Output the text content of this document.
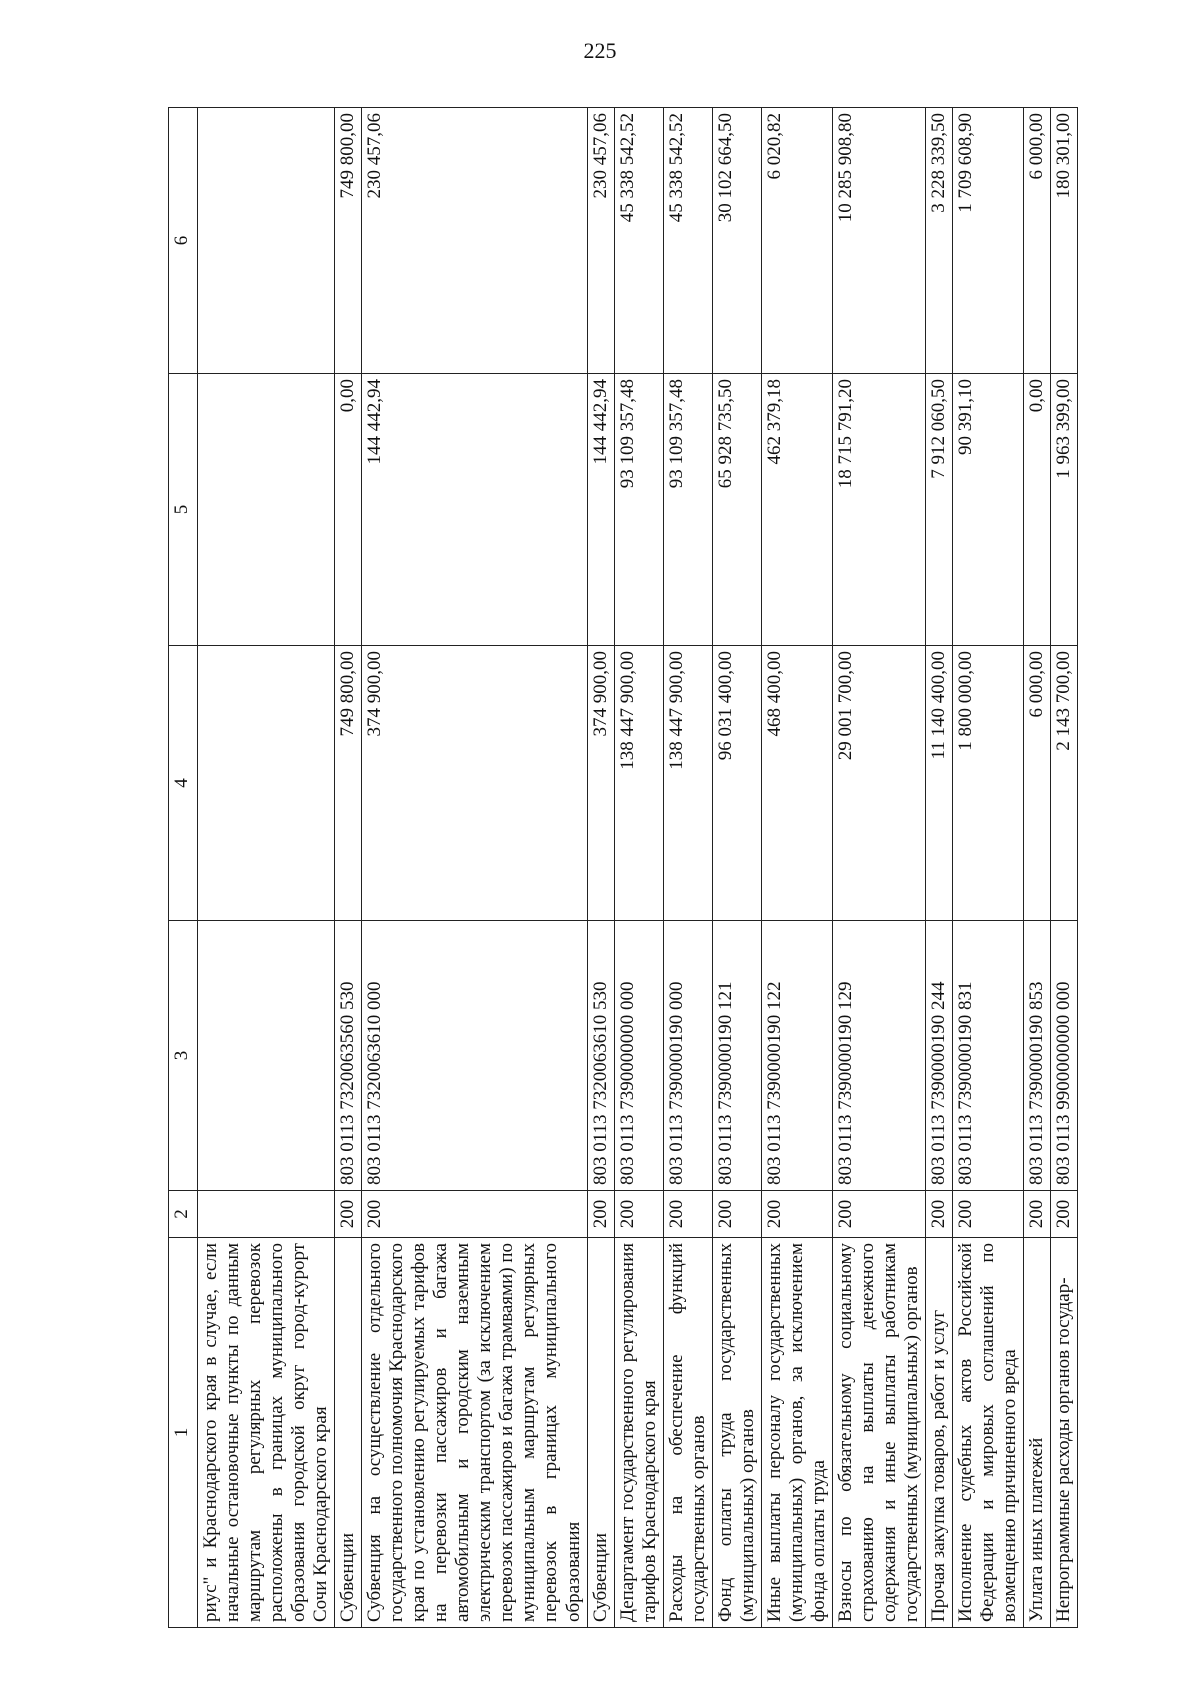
225
1	2	3	4	5	6
риус" и Краснодарского края в случае, если начальные остановочные пункты по данным маршрутам регулярных перевозок расположены в границах муниципального образования городской округ город-курорт Сочи Краснодарского края					
Субвенции	200	803 0113 7320063560 530	749 800,00	0,00	749 800,00
Субвенция на осуществление отдельного государственного полномочия Краснодарского края по установлению регулируемых тарифов на перевозки пассажиров и багажа автомобильным и городским наземным электрическим транспортом (за исключением перевозок пассажиров и багажа трамваями) по муниципальным маршрутам регулярных перевозок в границах муниципального образования	200	803 0113 7320063610 000	374 900,00	144 442,94	230 457,06
Субвенции	200	803 0113 7320063610 530	374 900,00	144 442,94	230 457,06
Департамент государственного регулирования тарифов Краснодарского края	200	803 0113 7390000000 000	138 447 900,00	93 109 357,48	45 338 542,52
Расходы на обеспечение функций государственных органов	200	803 0113 7390000190 000	138 447 900,00	93 109 357,48	45 338 542,52
Фонд оплаты труда государственных (муниципальных) органов	200	803 0113 7390000190 121	96 031 400,00	65 928 735,50	30 102 664,50
Иные выплаты персоналу государственных (муниципальных) органов, за исключением фонда оплаты труда	200	803 0113 7390000190 122	468 400,00	462 379,18	6 020,82
Взносы по обязательному социальному страхованию на выплаты денежного содержания и иные выплаты работникам государственных (муниципальных) органов	200	803 0113 7390000190 129	29 001 700,00	18 715 791,20	10 285 908,80
Прочая закупка товаров, работ и услуг	200	803 0113 7390000190 244	11 140 400,00	7 912 060,50	3 228 339,50
Исполнение судебных актов Российской Федерации и мировых соглашений по возмещению причиненного вреда	200	803 0113 7390000190 831	1 800 000,00	90 391,10	1 709 608,90
Уплата иных платежей	200	803 0113 7390000190 853	6 000,00	0,00	6 000,00
Непрограммные расходы органов государ-	200	803 0113 9900000000 000	2 143 700,00	1 963 399,00	180 301,00
